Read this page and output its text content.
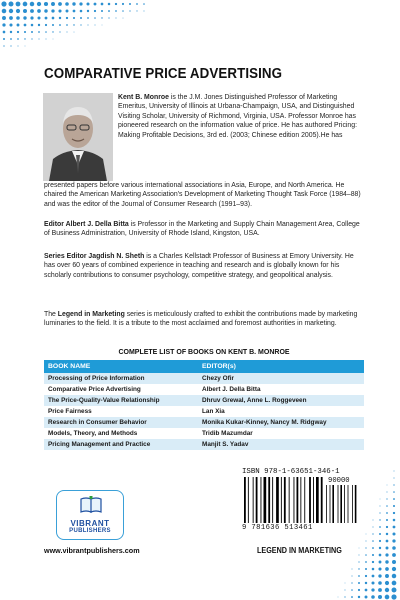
COMPARATIVE PRICE ADVERTISING

Kent B. Monroe is the J.M. Jones Distinguished Professor of Marketing Emeritus, University of Illinois at Urbana-Champaign, USA, and Distinguished Visiting Scholar, University of Richmond, Virginia, USA. Professor Monroe has pioneered research on the information value of price. He has authored Pricing: Making Profitable Decisions, 3rd ed. (2003; Chinese edition 2005).He has

presented papers before various international associations in Asia, Europe, and North America. He chaired the American Marketing Association's Development of Marketing Thought Task Force (1984–88) and was the editor of the Journal of Consumer Research (1991–93).

Editor Albert J. Della Bitta is Professor in the Marketing and Supply Chain Management Area, College of Business Administration, University of Rhode Island, Kingston, USA.

Series Editor Jagdish N. Sheth is a Charles Kellstadt Professor of Business at Emory University. He has over 60 years of combined experience in teaching and research and is globally known for his scholarly contributions to consumer psychology, competitive strategy, and geopolitical analysis.

The Legend in Marketing series is meticulously crafted to exhibit the contributions made by marketing luminaries to the field. It is a tribute to the most acclaimed and foremost authorities in marketing.

COMPLETE LIST OF BOOKS ON KENT B. MONROE
BOOK NAME	EDITOR(s)
Processing of Price Information	Chezy Ofir
Comparative Price Advertising	Albert J. Della Bitta
The Price-Quality-Value Relationship	Dhruv Grewal, Anne L. Roggeveen
Price Fairness	Lan Xia
Research in Consumer Behavior	Monika Kukar-Kinney, Nancy M. Ridgway
Models, Theory, and Methods	Tridib Mazumdar
Pricing Management and Practice	Manjit S. Yadav
VIBRANT
PUBLISHERS
www.vibrantpublishers.com
ISBN 978-1-63651-346-1
90000
9 781636 513461
LEGEND IN MARKETING
